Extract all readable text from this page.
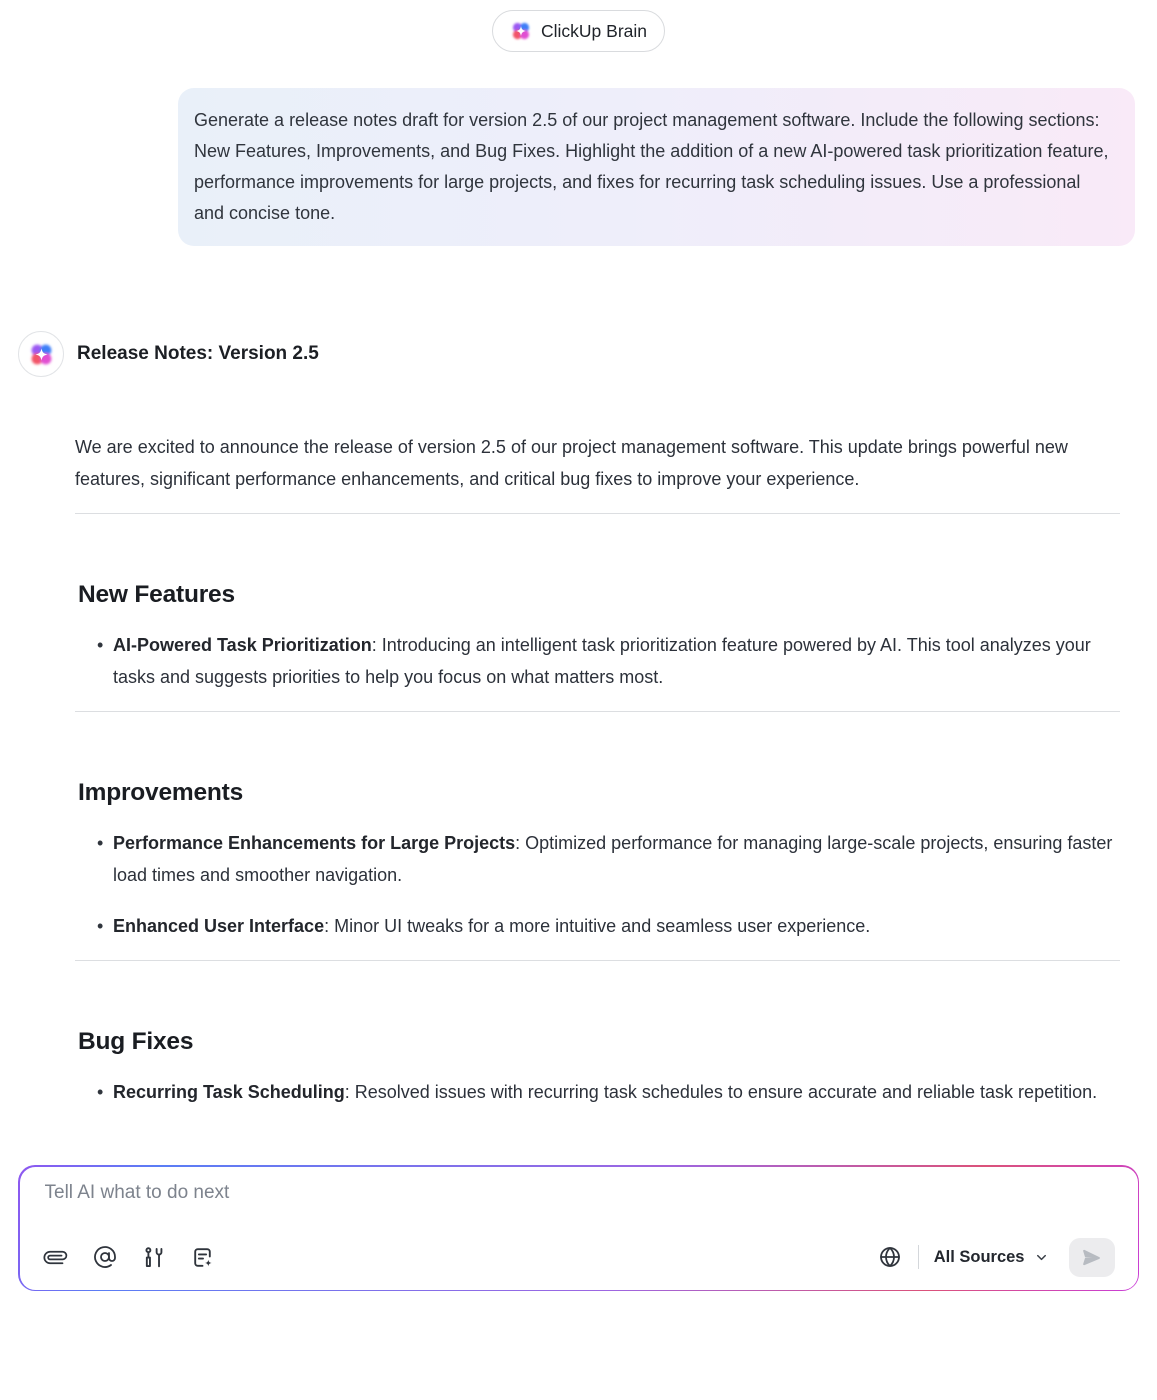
ClickUp Brain
Generate a release notes draft for version 2.5 of our project management software. Include the following sections: New Features, Improvements, and Bug Fixes. Highlight the addition of a new AI-powered task prioritization feature, performance improvements for large projects, and fixes for recurring task scheduling issues. Use a professional and concise tone.
Release Notes: Version 2.5

We are excited to announce the release of version 2.5 of our project management software. This update brings powerful new features, significant performance enhancements, and critical bug fixes to improve your experience.

New Features
• AI-Powered Task Prioritization: Introducing an intelligent task prioritization feature powered by AI. This tool analyzes your tasks and suggests priorities to help you focus on what matters most.
Improvements
• Performance Enhancements for Large Projects: Optimized performance for managing large-scale projects, ensuring faster load times and smoother navigation.
• Enhanced User Interface: Minor UI tweaks for a more intuitive and seamless user experience.
Bug Fixes
• Recurring Task Scheduling: Resolved issues with recurring task schedules to ensure accurate and reliable task repetition.
Tell AI what to do next
All Sources
